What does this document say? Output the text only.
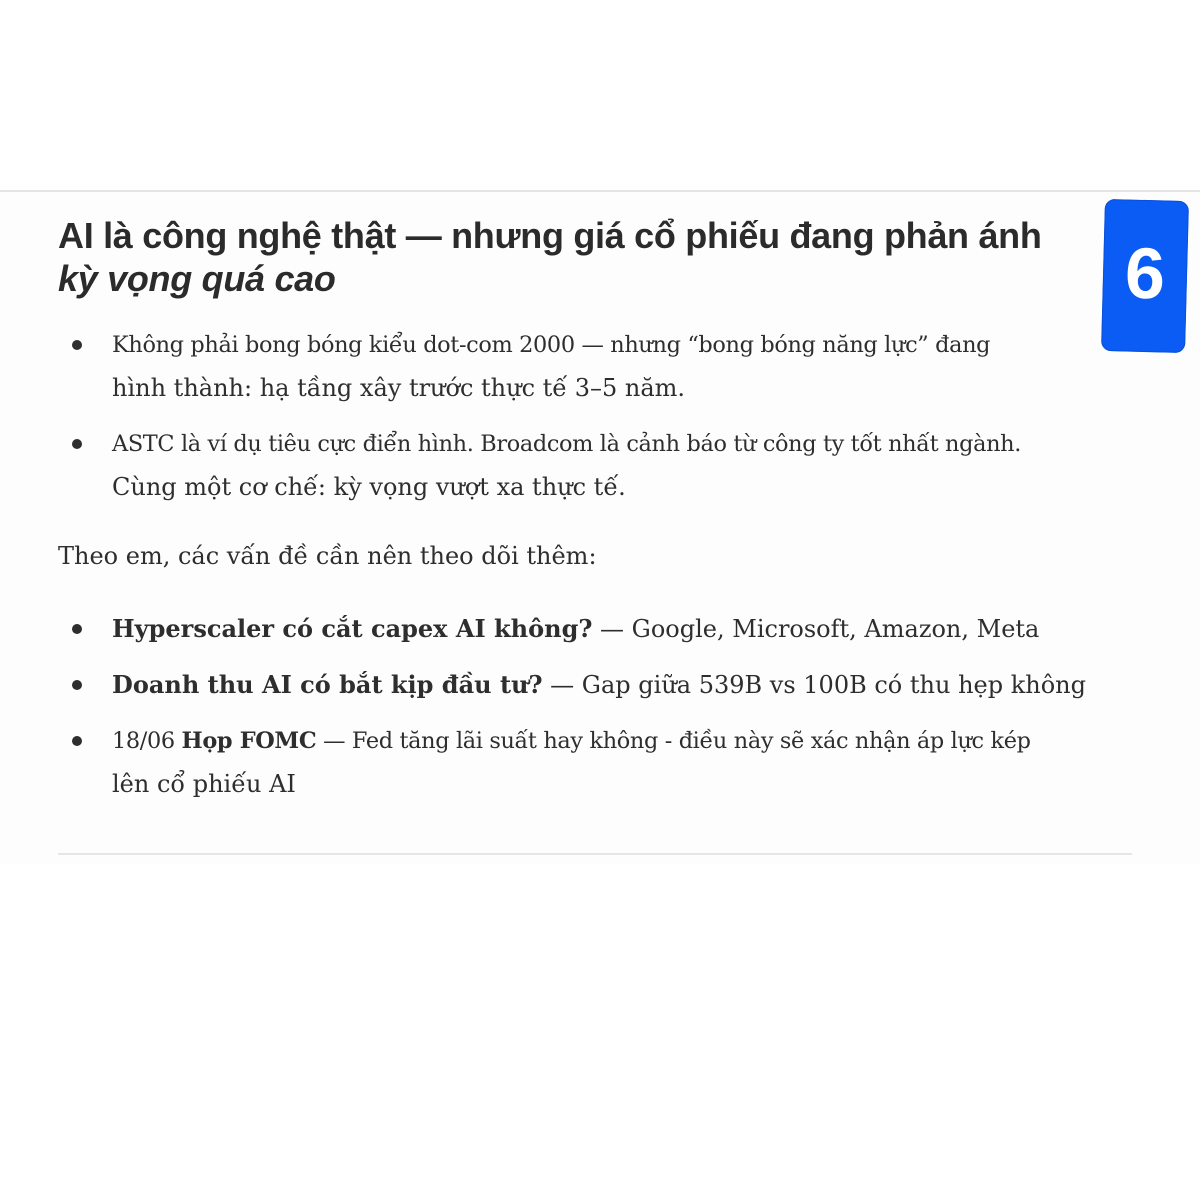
AI là công nghệ thật — nhưng giá cổ phiếu đang phản ánh
kỳ vọng quá cao	6
Không phải bong bóng kiểu dot-com 2000 — nhưng “bong bóng năng lực” đang
hình thành: hạ tầng xây trước thực tế 3–5 năm.
ASTC là ví dụ tiêu cực điển hình. Broadcom là cảnh báo từ công ty tốt nhất ngành.
Cùng một cơ chế: kỳ vọng vượt xa thực tế.

Theo em, các vấn đề cần nên theo dõi thêm:

Hyperscaler có cắt capex AI không? — Google, Microsoft, Amazon, Meta
Doanh thu AI có bắt kịp đầu tư? — Gap giữa 539B vs 100B có thu hẹp không
18/06 Họp FOMC — Fed tăng lãi suất hay không - điều này sẽ xác nhận áp lực kép
lên cổ phiếu AI
